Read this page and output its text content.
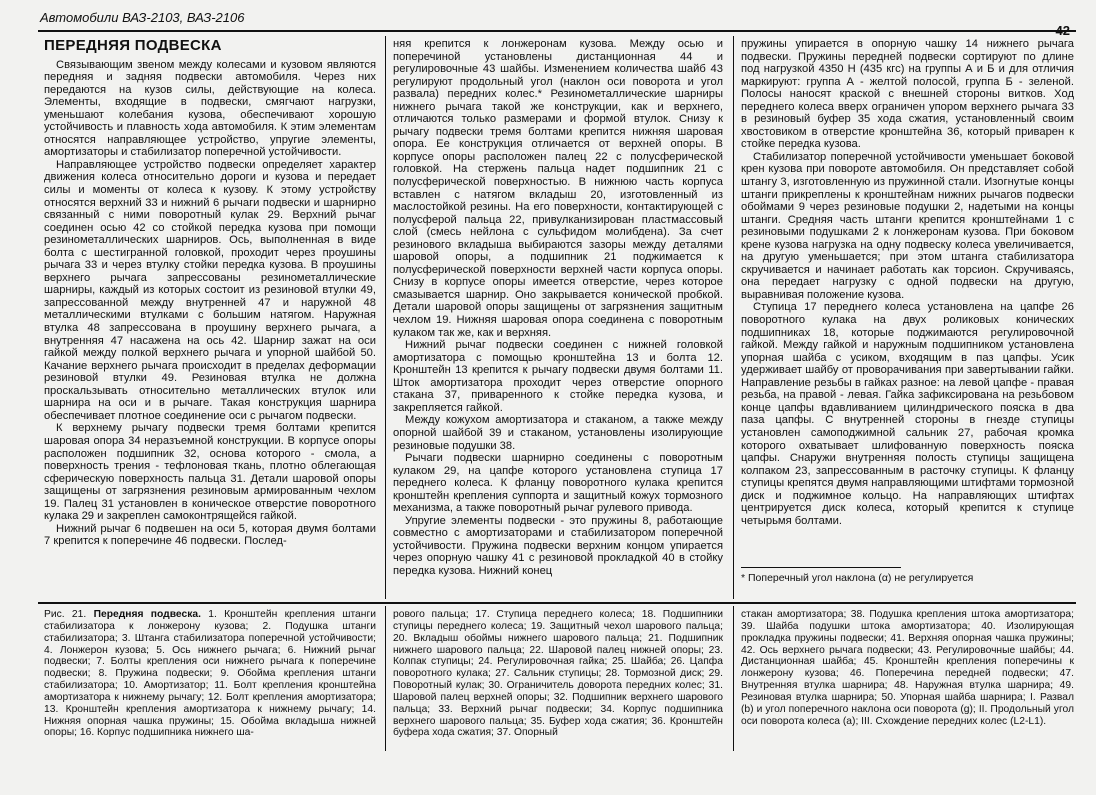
Автомобили ВАЗ-2103, ВАЗ-2106
42
ПЕРЕДНЯЯ ПОДВЕСКА

Связывающим звеном между колесами и кузовом являются передняя и задняя подвески автомобиля. Через них передаются на кузов силы, действующие на колеса. Элементы, входящие в подвески, смягчают нагрузки, уменьшают колебания кузова, обеспечивают хорошую устойчивость и плавность хода автомобиля. К этим элементам относятся направляющее устройство, упругие элементы, амортизаторы и стабилизатор поперечной устойчивости.

Направляющее устройство подвески определяет характер движения колеса относительно дороги и кузова и передает силы и моменты от колеса к кузову. К этому устройству относятся верхний 33 и нижний 6 рычаги подвески и шарнирно связанный с ними поворотный кулак 29. Верхний рычаг соединен осью 42 со стойкой передка кузова при помощи резинометаллических шарниров. Ось, выполненная в виде болта с шестигранной головкой, проходит через проушины рычага 33 и через втулку стойки передка кузова. В проушины верхнего рычага запрессованы резинометаллические шарниры, каждый из которых состоит из резиновой втулки 49, запрессованной между внутренней 47 и наружной 48 металлическими втулками с большим натягом. Наружная втулка 48 запрессована в проушину верхнего рычага, а внутренняя 47 насажена на ось 42. Шарнир зажат на оси гайкой между полкой верхнего рычага и упорной шайбой 50. Качание верхнего рычага происходит в пределах деформации резиновой втулки 49. Резиновая втулка не должна проскальзывать относительно металлических втулок или шарнира на оси и в рычаге. Такая конструкция шарнира обеспечивает плотное соединение оси с рычагом подвески.

К верхнему рычагу подвески тремя болтами крепится шаровая опора 34 неразъемной конструкции. В корпусе опоры расположен подшипник 32, основа которого - смола, а поверхность трения - тефлоновая ткань, плотно облегающая сферическую поверхность пальца 31. Детали шаровой опоры защищены от загрязнения резиновым армированным чехлом 19. Палец 31 установлен в коническое отверстие поворотного кулака 29 и закреплен самоконтрящейся гайкой.

Нижний рычаг 6 подвешен на оси 5, которая двумя болтами 7 крепится к поперечине 46 подвески. Послед-

няя крепится к лонжеронам кузова. Между осью и поперечиной установлены дистанционная 44 и регулировочные 43 шайбы. Изменением количества шайб 43 регулируют продольный угол (наклон оси поворота и угол развала) передних колес.* Резинометаллические шарниры нижнего рычага такой же конструкции, как и верхнего, отличаются только размерами и формой втулок. Снизу к рычагу подвески тремя болтами крепится нижняя шаровая опора. Ее конструкция отличается от верхней опоры. В корпусе опоры расположен палец 22 с полусферической головкой. На стержень пальца надет подшипник 21 с полусферической поверхностью. В нижнюю часть корпуса вставлен с натягом вкладыш 20, изготовленный из маслостойкой резины. На его поверхности, контактирующей с полусферой пальца 22, привулканизирован пластмассовый слой (смесь нейлона с сульфидом молибдена). За счет резинового вкладыша выбираются зазоры между деталями шаровой опоры, а подшипник 21 поджимается к полусферической поверхности верхней части корпуса опоры. Снизу в корпусе опоры имеется отверстие, через которое смазывается шарнир. Оно закрывается конической пробкой. Детали шаровой опоры защищены от загрязнения защитным чехлом 19. Нижняя шаровая опора соединена с поворотным кулаком так же, как и верхняя.

Нижний рычаг подвески соединен с нижней головкой амортизатора с помощью кронштейна 13 и болта 12. Кронштейн 13 крепится к рычагу подвески двумя болтами 11. Шток амортизатора проходит через отверстие опорного стакана 37, приваренного к стойке передка кузова, и закрепляется гайкой.

Между кожухом амортизатора и стаканом, а также между опорной шайбой 39 и стаканом, установлены изолирующие резиновые подушки 38.

Рычаги подвески шарнирно соединены с поворотным кулаком 29, на цапфе которого установлена ступица 17 переднего колеса. К фланцу поворотного кулака крепится кронштейн крепления суппорта и защитный кожух тормозного механизма, а также поворотный рычаг рулевого привода.

Упругие элементы подвески - это пружины 8, работающие совместно с амортизаторами и стабилизатором поперечной устойчивости. Пружина подвески верхним концом упирается через опорную чашку 41 с резиновой прокладкой 40 в стойку передка кузова. Нижний конец

пружины упирается в опорную чашку 14 нижнего рычага подвески. Пружины передней подвески сортируют по длине под нагрузкой 4350 Н (435 кгс) на группы А и Б и для отличия маркируют: группа А - желтой полосой, группа Б - зеленой. Полосы наносят краской с внешней стороны витков. Ход переднего колеса вверх ограничен упором верхнего рычага 33 в резиновый буфер 35 хода сжатия, установленный своим хвостовиком в отверстие кронштейна 36, который приварен к стойке передка кузова.

Стабилизатор поперечной устойчивости уменьшает боковой крен кузова при повороте автомобиля. Он представляет собой штангу 3, изготовленную из пружинной стали. Изогнутые концы штанги прикреплены к кронштейнам нижних рычагов подвески обоймами 9 через резиновые подушки 2, надетыми на концы штанги. Средняя часть штанги крепится кронштейнами 1 с резиновыми подушками 2 к лонжеронам кузова. При боковом крене кузова нагрузка на одну подвеску колеса увеличивается, на другую уменьшается; при этом штанга стабилизатора скручивается и начинает работать как торсион. Скручиваясь, она передает нагрузку с одной подвески на другую, выравнивая положение кузова.

Ступица 17 переднего колеса установлена на цапфе 26 поворотного кулака на двух роликовых конических подшипниках 18, которые поджимаются регулировочной гайкой. Между гайкой и наружным подшипником установлена упорная шайба с усиком, входящим в паз цапфы. Усик удерживает шайбу от проворачивания при завертывании гайки. Направление резьбы в гайках разное: на левой цапфе - правая резьба, на правой - левая. Гайка зафиксирована на резьбовом конце цапфы вдавливанием цилиндрического пояска в два паза цапфы. С внутренней стороны в гнезде ступицы установлен самоподжимной сальник 27, рабочая кромка которого охватывает шлифованную поверхность пояска цапфы. Снаружи внутренняя полость ступицы защищена колпаком 23, запрессованным в расточку ступицы. К фланцу ступицы крепятся двумя направляющими штифтами тормозной диск и поджимное кольцо. На направляющих штифтах центрируется диск колеса, который крепится к ступице четырьмя болтами.

* Поперечный угол наклона (α) не регулируется

Рис. 21. Передняя подвеска. 1. Кронштейн крепления штанги стабилизатора к лонжерону кузова; 2. Подушка штанги стабилизатора; 3. Штанга стабилизатора поперечной устойчивости; 4. Лонжерон кузова; 5. Ось нижнего рычага; 6. Нижний рычаг подвески; 7. Болты крепления оси нижнего рычага к поперечине подвески; 8. Пружина подвески; 9. Обойма крепления штанги стабилизатора; 10. Амортизатор; 11. Болт крепления кронштейна амортизатора к нижнему рычагу; 12. Болт крепления амортизатора; 13. Кронштейн крепления амортизатора к нижнему рычагу; 14. Нижняя опорная чашка пружины; 15. Обойма вкладыша нижней опоры; 16. Корпус подшипника нижнего ша-

рового пальца; 17. Ступица переднего колеса; 18. Подшипники ступицы переднего колеса; 19. Защитный чехол шарового пальца; 20. Вкладыш обоймы нижнего шарового пальца; 21. Подшипник нижнего шарового пальца; 22. Шаровой палец нижней опоры; 23. Колпак ступицы; 24. Регулировочная гайка; 25. Шайба; 26. Цапфа поворотного кулака; 27. Сальник ступицы; 28. Тормозной диск; 29. Поворотный кулак; 30. Ограничитель доворота передних колес; 31. Шаровой палец верхней опоры; 32. Подшипник верхнего шарового пальца; 33. Верхний рычаг подвески; 34. Корпус подшипника верхнего шарового пальца; 35. Буфер хода сжатия; 36. Кронштейн буфера хода сжатия; 37. Опорный

стакан амортизатора; 38. Подушка крепления штока амортизатора; 39. Шайба подушки штока амортизатора; 40. Изолирующая прокладка пружины подвески; 41. Верхняя опорная чашка пружины; 42. Ось верхнего рычага подвески; 43. Регулировочные шайбы; 44. Дистанционная шайба; 45. Кронштейн крепления поперечины к лонжерону кузова; 46. Поперечина передней подвески; 47. Внутренняя втулка шарнира; 48. Наружная втулка шарнира; 49. Резиновая втулка шарнира; 50. Упорная шайба шарнира; I. Развал (b) и угол поперечного наклона оси поворота (g); II. Продольный угол оси поворота колеса (a); III. Схождение передних колес (L2-L1).
